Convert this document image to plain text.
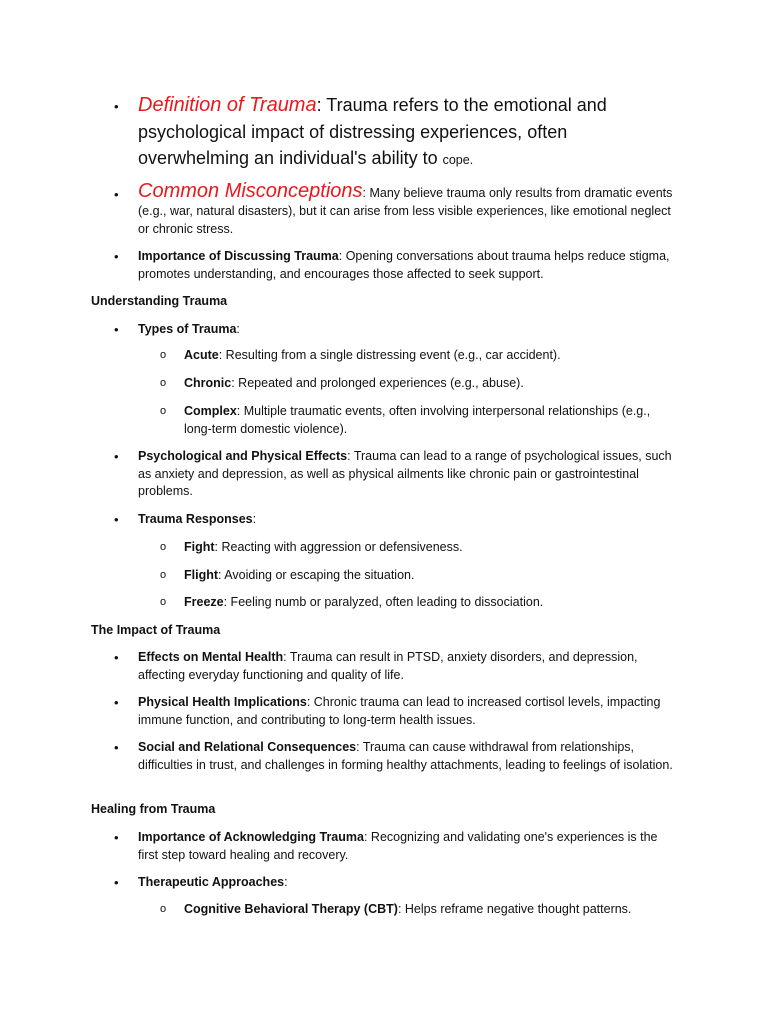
• Definition of Trauma: Trauma refers to the emotional and psychological impact of distressing experiences, often overwhelming an individual's ability to cope.
• Common Misconceptions: Many believe trauma only results from dramatic events (e.g., war, natural disasters), but it can arise from less visible experiences, like emotional neglect or chronic stress.
• Importance of Discussing Trauma: Opening conversations about trauma helps reduce stigma, promotes understanding, and encourages those affected to seek support.
Understanding Trauma
• Types of Trauma:
o Acute: Resulting from a single distressing event (e.g., car accident).
o Chronic: Repeated and prolonged experiences (e.g., abuse).
o Complex: Multiple traumatic events, often involving interpersonal relationships (e.g., long-term domestic violence).
• Psychological and Physical Effects: Trauma can lead to a range of psychological issues, such as anxiety and depression, as well as physical ailments like chronic pain or gastrointestinal problems.
• Trauma Responses:
o Fight: Reacting with aggression or defensiveness.
o Flight: Avoiding or escaping the situation.
o Freeze: Feeling numb or paralyzed, often leading to dissociation.
The Impact of Trauma
• Effects on Mental Health: Trauma can result in PTSD, anxiety disorders, and depression, affecting everyday functioning and quality of life.
• Physical Health Implications: Chronic trauma can lead to increased cortisol levels, impacting immune function, and contributing to long-term health issues.
• Social and Relational Consequences: Trauma can cause withdrawal from relationships, difficulties in trust, and challenges in forming healthy attachments, leading to feelings of isolation.
Healing from Trauma
• Importance of Acknowledging Trauma: Recognizing and validating one's experiences is the first step toward healing and recovery.
• Therapeutic Approaches:
o Cognitive Behavioral Therapy (CBT): Helps reframe negative thought patterns.
